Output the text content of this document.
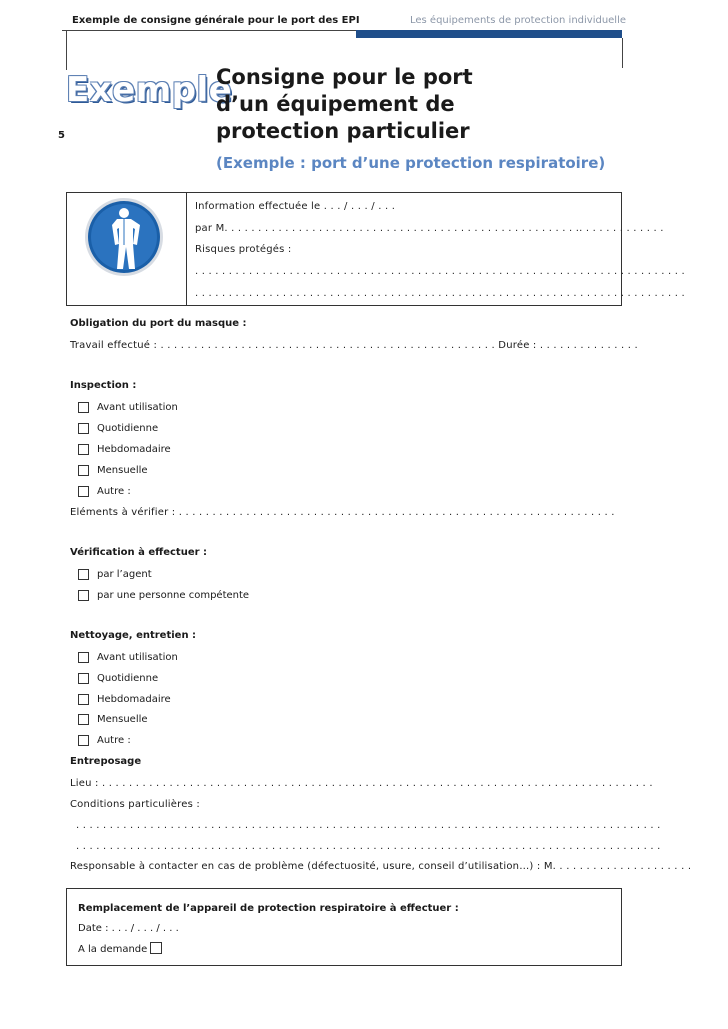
Exemple de consigne générale pour le port des EPI	Les équipements de protection individuelle
5
Exemple
Consigne pour le port
d’un équipement de
protection particulier
(Exemple : port d’une protection respiratoire)
Information effectuée le . . . / . . . / . . .
par M. . . . . . . . . . . . . . . . . . . . . . . . . . . . . . . . . . . . . . . . . . . . . . . . . . . . .. . . . . . . . . . . . .
Risques protégés :
. . . . . . . . . . . . . . . . . . . . . . . . . . . . . . . . . . . . . . . . . . . . . . . . . . . . . . . . . . . . . . . . . . . . . . . . .
. . . . . . . . . . . . . . . . . . . . . . . . . . . . . . . . . . . . . . . . . . . . . . . . . . . . . . . . . . . . . . . . . . . . . . . . .
Obligation du port du masque :
Travail effectué : . . . . . . . . . . . . . . . . . . . . . . . . . . . . . . . . . . . . . . . . . . . . . . . . . . Durée : . . . . . . . . . . . . . . .
Inspection :
Avant utilisation
Quotidienne
Hebdomadaire
Mensuelle
Autre :
Eléments à vérifier : . . . . . . . . . . . . . . . . . . . . . . . . . . . . . . . . . . . . . . . . . . . . . . . . . . . . . . . . . . . . . . . . .
Vérification à effectuer :
par l’agent
par une personne compétente
Nettoyage, entretien :
Avant utilisation
Quotidienne
Hebdomadaire
Mensuelle
Autre :
Entreposage
Lieu : . . . . . . . . . . . . . . . . . . . . . . . . . . . . . . . . . . . . . . . . . . . . . . . . . . . . . . . . . . . . . . . . . . . . . . . . . . . . . . . . . .
Conditions particulières :
. . . . . . . . . . . . . . . . . . . . . . . . . . . . . . . . . . . . . . . . . . . . . . . . . . . . . . . . . . . . . . . . . . . . . . . . . . . . . . . . . . . . . . .
. . . . . . . . . . . . . . . . . . . . . . . . . . . . . . . . . . . . . . . . . . . . . . . . . . . . . . . . . . . . . . . . . . . . . . . . . . . . . . . . . . . . . . .
Responsable à contacter en cas de problème (défectuosité, usure, conseil d’utilisation…) : M. . . . . . . . . . . . . . . . . . . . .
Remplacement de l’appareil de protection respiratoire à effectuer :
Date : . . . / . . . / . . .
A la demande
